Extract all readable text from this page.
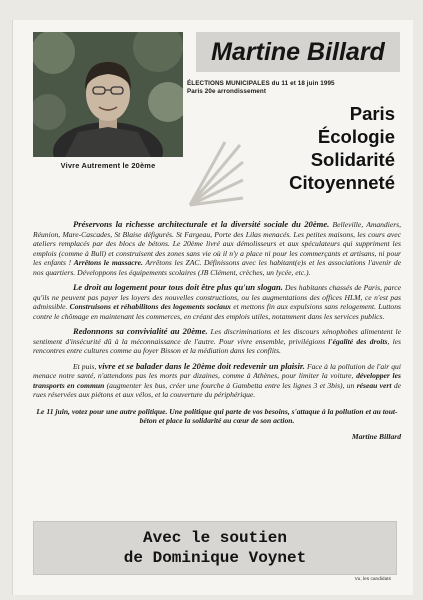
Vivre Autrement le 20ème
Martine Billard
ÉLECTIONS MUNICIPALES du 11 et 18 juin 1995
Paris 20e arrondissement
Paris
Écologie
Solidarité
Citoyenneté

Préservons la richesse architecturale et la diversité sociale du 20ème. Belleville, Amandiers, Réunion, Mare-Cascades, St Blaise défigurés. St Fargeau, Porte des Lilas menacés. Les petites maisons, les cours avec ateliers remplacés par des blocs de bétons. Le 20ème livré aux démolisseurs et aux spéculateurs qui suppriment les emplois (comme à Bull) et construisent des zones sans vie où il n'y a place ni pour les commerçants et artisans, ni pour les enfants ! Arrêtons le massacre. Arrêtons les ZAC. Définissons avec les habitant(e)s et les associations l'avenir de nos quartiers. Développons les équipements scolaires (JB Clément, crèches, un lycée, etc.).

Le droit au logement pour tous doit être plus qu'un slogan. Des habitants chassés de Paris, parce qu'ils ne peuvent pas payer les loyers des nouvelles constructions, ou les augmentations des offices HLM, ce n'est pas admissible. Construisons et réhabilitons des logements sociaux et mettons fin aux expulsions sans relogement. Luttons contre le chômage en maintenant les commerces, en créant des emplois utiles, notamment dans les services publics.

Redonnons sa convivialité au 20ème. Les discriminations et les discours xénophobes alimentent le sentiment d'insécurité dû à la méconnaissance de l'autre. Pour vivre ensemble, privilégions l'égalité des droits, les rencontres entre cultures comme au foyer Bisson et la médiation dans les conflits.

Et puis, vivre et se balader dans le 20ème doit redevenir un plaisir. Face à la pollution de l'air qui menace notre santé, n'attendons pas les morts par dizaines, comme à Athènes, pour limiter la voiture, développer les transports en commun (augmenter les bus, créer une fourche à Gambetta entre les lignes 3 et 3bis), un réseau vert de rues réservées aux piétons et aux vélos, et la couverture du périphérique.

Le 11 juin, votez pour une autre politique. Une politique qui parte de vos besoins, s'attaque à la pollution et au tout-béton et place la solidarité au cœur de son action.

Martine Billard

Avec le soutien
de Dominique Voynet
Vu, les candidats
